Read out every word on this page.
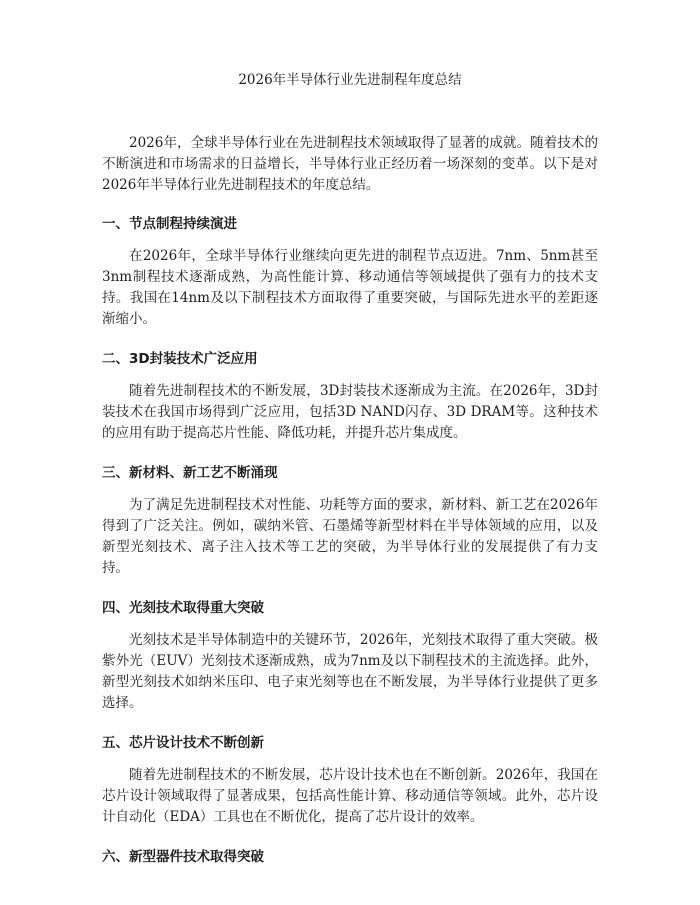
2026年半导体行业先进制程年度总结

2026年，全球半导体行业在先进制程技术领域取得了显著的成就。随着技术的不断演进和市场需求的日益增长，半导体行业正经历着一场深刻的变革。以下是对2026年半导体行业先进制程技术的年度总结。

一、节点制程持续演进

在2026年，全球半导体行业继续向更先进的制程节点迈进。7nm、5nm甚至3nm制程技术逐渐成熟，为高性能计算、移动通信等领域提供了强有力的技术支持。我国在14nm及以下制程技术方面取得了重要突破，与国际先进水平的差距逐渐缩小。

二、3D封装技术广泛应用

随着先进制程技术的不断发展，3D封装技术逐渐成为主流。在2026年，3D封装技术在我国市场得到广泛应用，包括3D NAND闪存、3D DRAM等。这种技术的应用有助于提高芯片性能、降低功耗，并提升芯片集成度。

三、新材料、新工艺不断涌现

为了满足先进制程技术对性能、功耗等方面的要求，新材料、新工艺在2026年得到了广泛关注。例如，碳纳米管、石墨烯等新型材料在半导体领域的应用，以及新型光刻技术、离子注入技术等工艺的突破，为半导体行业的发展提供了有力支持。

四、光刻技术取得重大突破

光刻技术是半导体制造中的关键环节，2026年，光刻技术取得了重大突破。极紫外光（EUV）光刻技术逐渐成熟，成为7nm及以下制程技术的主流选择。此外，新型光刻技术如纳米压印、电子束光刻等也在不断发展，为半导体行业提供了更多选择。

五、芯片设计技术不断创新

随着先进制程技术的不断发展，芯片设计技术也在不断创新。2026年，我国在芯片设计领域取得了显著成果，包括高性能计算、移动通信等领域。此外，芯片设计自动化（EDA）工具也在不断优化，提高了芯片设计的效率。

六、新型器件技术取得突破
